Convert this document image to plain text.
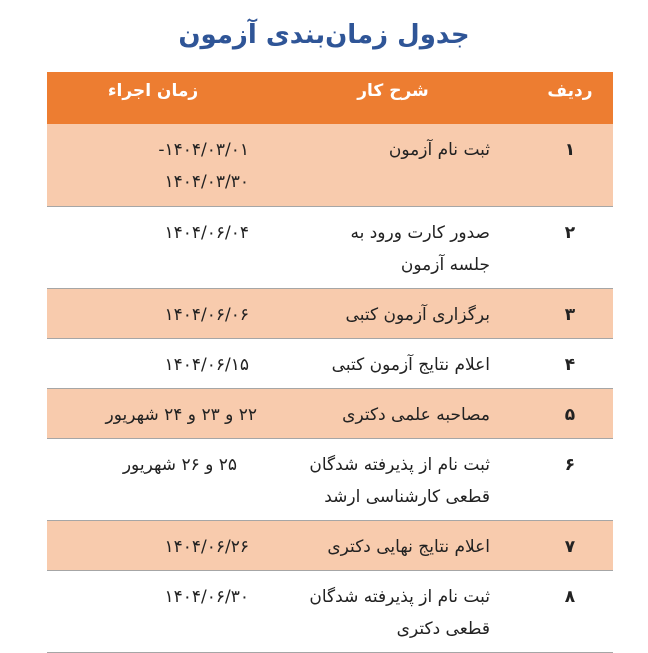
جدول زمان‌بندی آزمون
ردیف	شرح کار	زمان اجراء
۱	ثبت نام آزمون	۱۴۰۴/۰۳/۰۱- ۱۴۰۴/۰۳/۳۰
۲	صدور کارت ورود به جلسه آزمون	۱۴۰۴/۰۶/۰۴
۳	برگزاری آزمون کتبی	۱۴۰۴/۰۶/۰۶
۴	اعلام نتایج آزمون کتبی	۱۴۰۴/۰۶/۱۵
۵	مصاحبه علمی دکتری	۲۲ و ۲۳ و ۲۴ شهریور
۶	ثبت نام از پذیرفته شدگان قطعی کارشناسی ارشد	۲۵ و ۲۶ شهریور
۷	اعلام نتایج نهایی دکتری	۱۴۰۴/۰۶/۲۶
۸	ثبت نام از پذیرفته شدگان قطعی دکتری	۱۴۰۴/۰۶/۳۰
